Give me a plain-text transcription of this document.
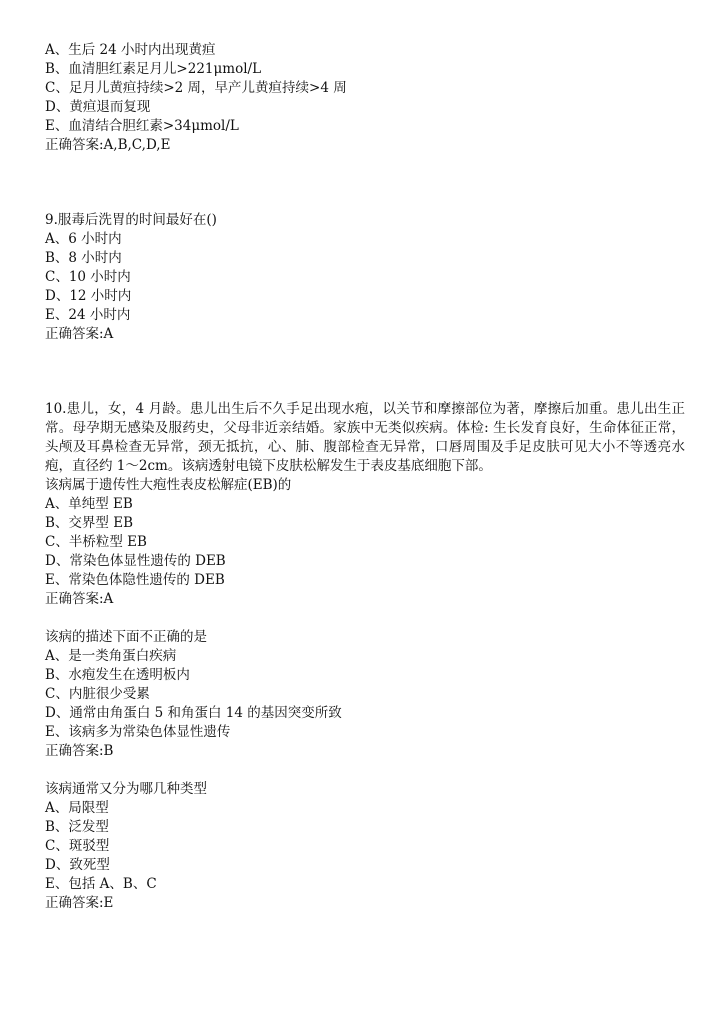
A、生后 24 小时内出现黄疸

B、血清胆红素足月儿>221μmol/L

C、足月儿黄疸持续>2 周，早产儿黄疸持续>4 周

D、黄疸退而复现

E、血清结合胆红素>34μmol/L

正确答案:A,B,C,D,E

9.服毒后洗胃的时间最好在()

A、6 小时内

B、8 小时内

C、10 小时内

D、12 小时内

E、24 小时内

正确答案:A

10.患儿，女，4 月龄。患儿出生后不久手足出现水疱，以关节和摩擦部位为著，摩擦后加重。患儿出生正常。母孕期无感染及服药史，父母非近亲结婚。家族中无类似疾病。体检: 生长发育良好，生命体征正常，头颅及耳鼻检查无异常，颈无抵抗，心、肺、腹部检查无异常，口唇周围及手足皮肤可见大小不等透亮水疱，直径约 1～2cm。该病透射电镜下皮肤松解发生于表皮基底细胞下部。

该病属于遗传性大疱性表皮松解症(EB)的

A、单纯型 EB

B、交界型 EB

C、半桥粒型 EB

D、常染色体显性遗传的 DEB

E、常染色体隐性遗传的 DEB

正确答案:A

该病的描述下面不正确的是

A、是一类角蛋白疾病

B、水疱发生在透明板内

C、内脏很少受累

D、通常由角蛋白 5 和角蛋白 14 的基因突变所致

E、该病多为常染色体显性遗传

正确答案:B

该病通常又分为哪几种类型

A、局限型

B、泛发型

C、斑驳型

D、致死型

E、包括 A、B、C

正确答案:E
